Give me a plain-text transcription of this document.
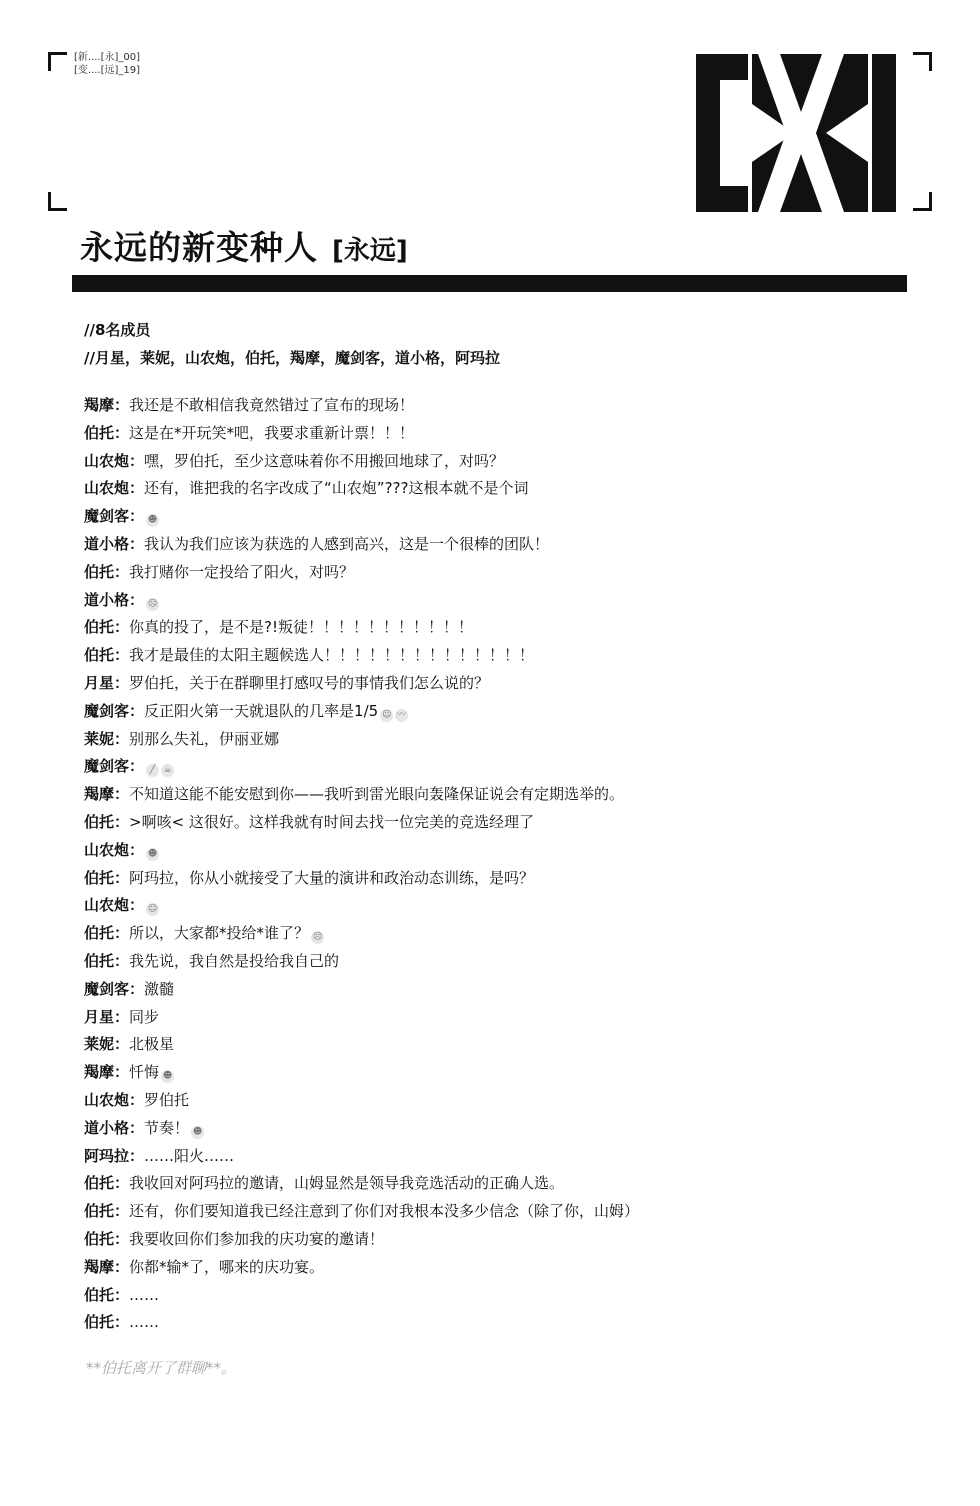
[新....[永]_00]
[变....[远]_19]
永远的新变种人 [永远]
//8名成员
//月星，莱妮，山农炮，伯托，羯摩，魔剑客，道小格，阿玛拉
羯摩：我还是不敢相信我竟然错过了宣布的现场！
伯托：这是在*开玩笑*吧，我要求重新计票！！！
山农炮：嘿，罗伯托，至少这意味着你不用搬回地球了，对吗？
山农炮：还有，谁把我的名字改成了“山农炮”???这根本就不是个词
魔剑客： ☻
道小格：我认为我们应该为获选的人感到高兴，这是一个很棒的团队！
伯托：我打赌你一定投给了阳火，对吗？
道小格： ☹
伯托：你真的投了，是不是?!叛徒！！！！！！！！！！！
伯托：我才是最佳的太阳主题候选人！！！！！！！！！！！！！！
月星：罗伯托，关于在群聊里打感叹号的事情我们怎么说的？
魔剑客：反正阳火第一天就退队的几率是1/5 ☺ 〰
莱妮：别那么失礼，伊丽亚娜
魔剑客： ╱ ☕
羯摩：不知道这能不能安慰到你——我听到雷光眼向轰隆保证说会有定期选举的。
伯托：>啊咳< 这很好。这样我就有时间去找一位完美的竞选经理了
山农炮： ☻
伯托：阿玛拉，你从小就接受了大量的演讲和政治动态训练，是吗？
山农炮： ☺
伯托：所以，大家都*投给*谁了？ ☹
伯托：我先说，我自然是投给我自己的
魔剑客：激髓
月星：同步
莱妮：北极星
羯摩：忏悔 ☻
山农炮：罗伯托
道小格：节奏！ ☻
阿玛拉：……阳火……
伯托：我收回对阿玛拉的邀请，山姆显然是领导我竞选活动的正确人选。
伯托：还有，你们要知道我已经注意到了你们对我根本没多少信念（除了你，山姆）
伯托：我要收回你们参加我的庆功宴的邀请！
羯摩：你都*输*了，哪来的庆功宴。
伯托：……
伯托：……
**伯托离开了群聊**。
